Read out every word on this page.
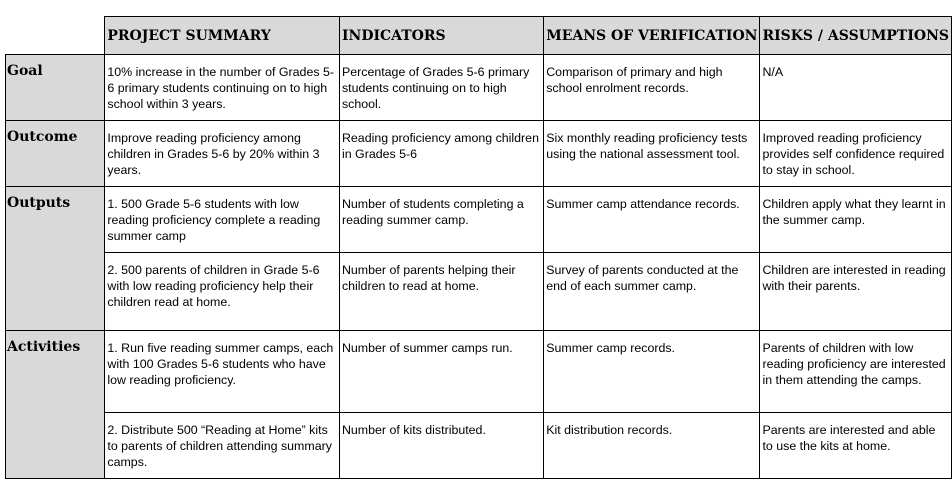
	PROJECT SUMMARY	INDICATORS	MEANS OF VERIFICATION	RISKS / ASSUMPTIONS
Goal	10% increase in the number of Grades 5-6 primary students continuing on to high school within 3 years.	Percentage of Grades 5-6 primary students continuing on to high school.	Comparison of primary and high school enrolment records.	N/A
Outcome	Improve reading proficiency among children in Grades 5-6 by 20% within 3 years.	Reading proficiency among children in Grades 5-6	Six monthly reading proficiency tests using the national assessment tool.	Improved reading proficiency provides self confidence required to stay in school.
Outputs	1. 500 Grade 5-6 students with low reading proficiency complete a reading summer camp	Number of students completing a reading summer camp.	Summer camp attendance records.	Children apply what they learnt in the summer camp.
	2. 500 parents of children in Grade 5-6 with low reading proficiency help their children read at home.	Number of parents helping their children to read at home.	Survey of parents conducted at the end of each summer camp.	Children are interested in reading with their parents.
Activities	1. Run five reading summer camps, each with 100 Grades 5-6 students who have low reading proficiency.	Number of summer camps run.	Summer camp records.	Parents of children with low reading proficiency are interested in them attending the camps.
	2. Distribute 500 “Reading at Home” kits to parents of children attending summary camps.	Number of kits distributed.	Kit distribution records.	Parents are interested and able to use the kits at home.
